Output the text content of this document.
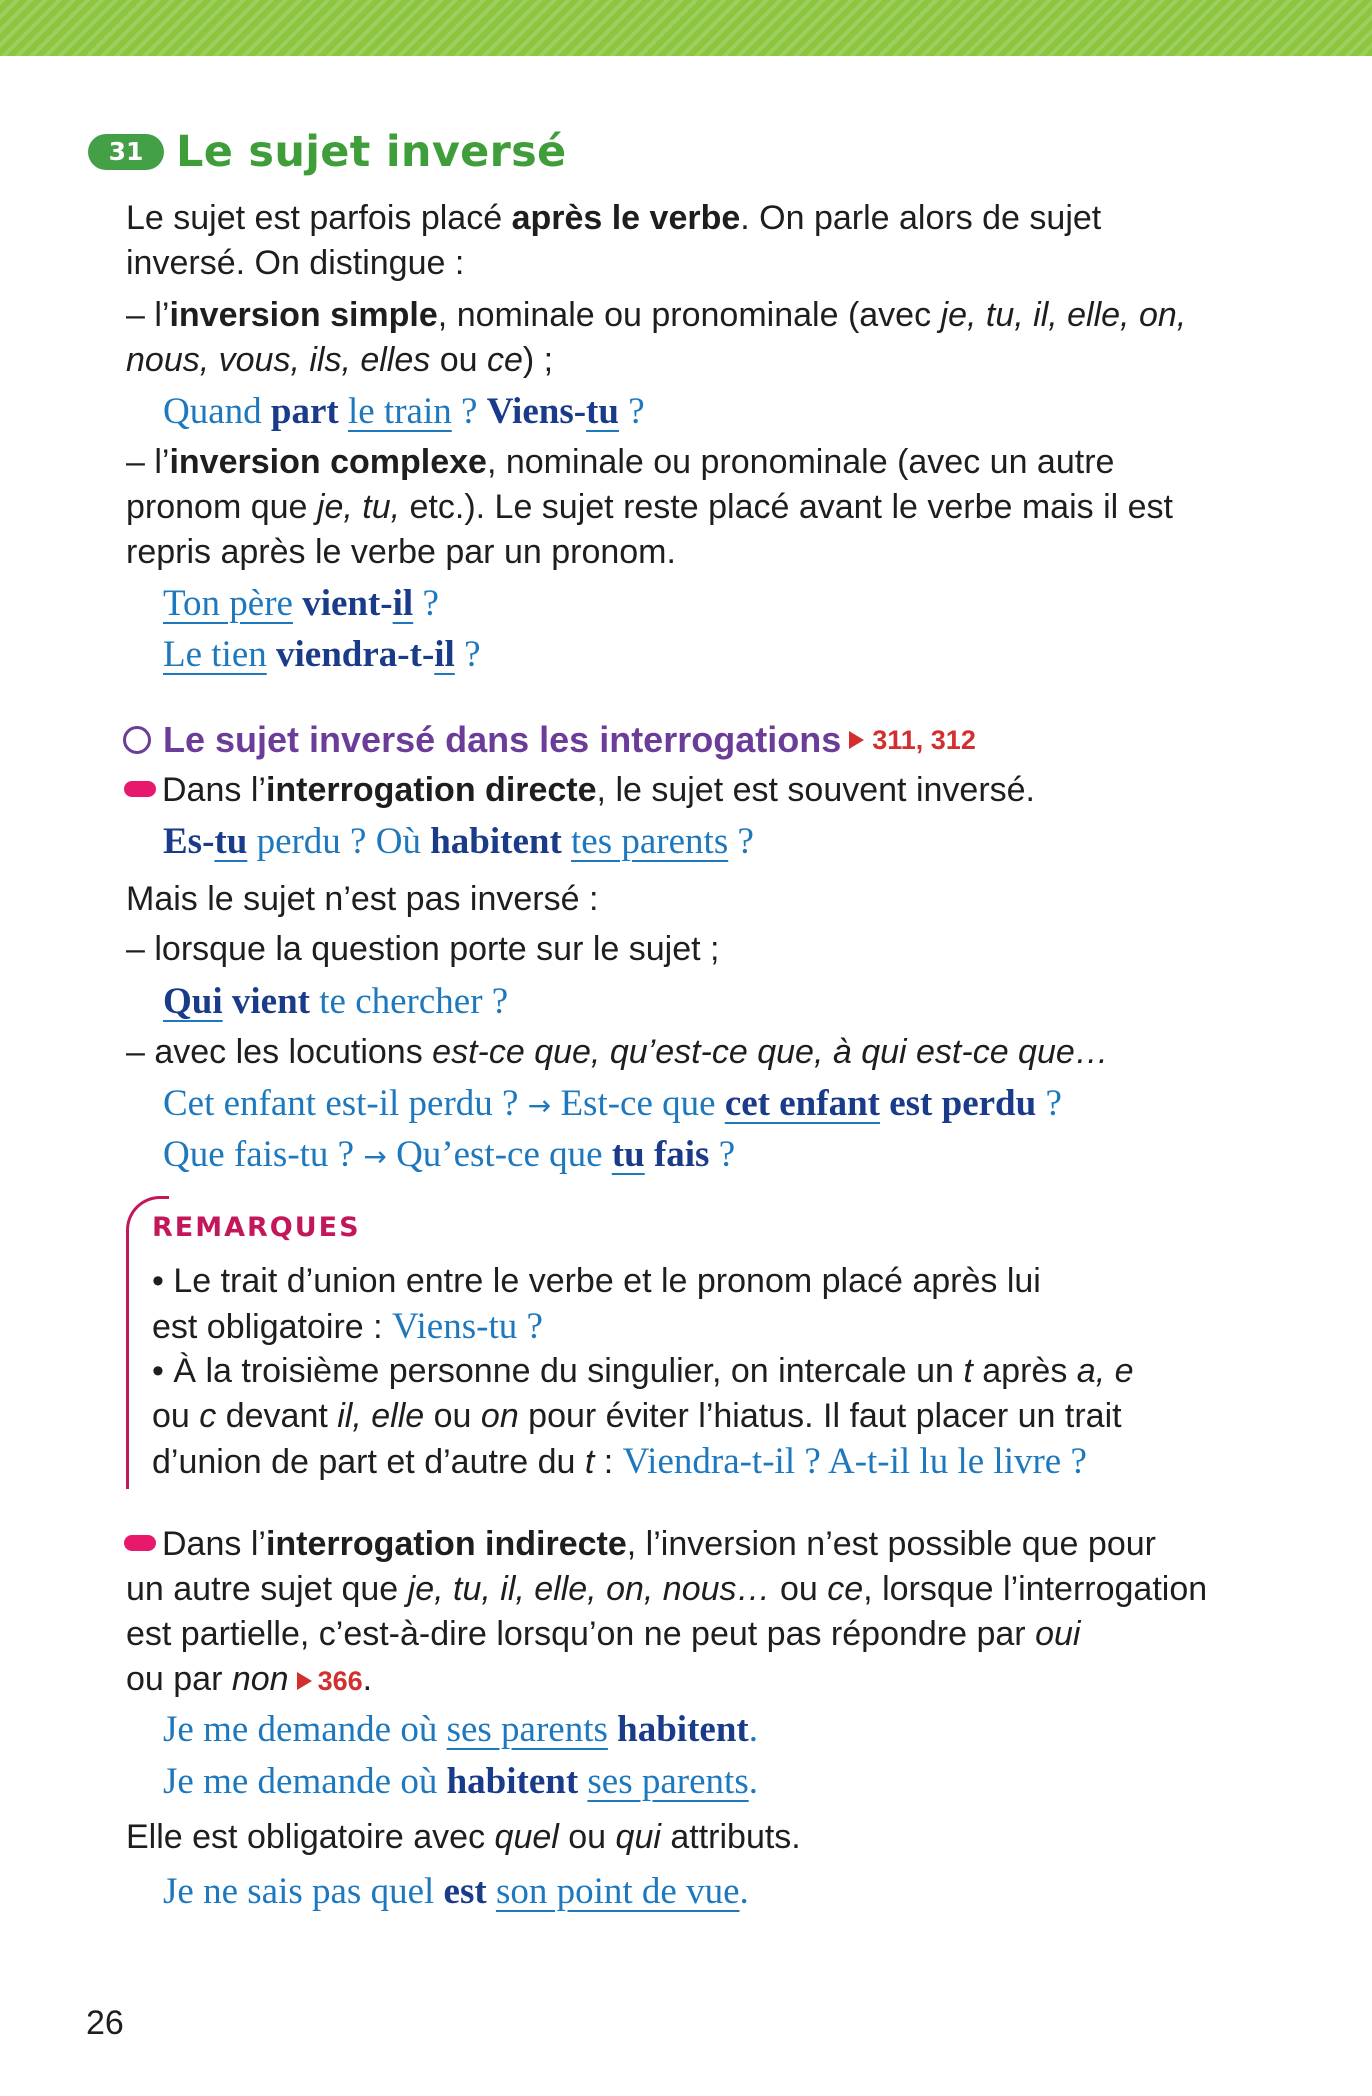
31 Le sujet inversé

Le sujet est parfois placé après le verbe. On parle alors de sujet

inversé. On distingue :

– l’inversion simple, nominale ou pronominale (avec je, tu, il, elle, on,

nous, vous, ils, elles ou ce) ;

Quand part le train ? Viens-tu ?

– l’inversion complexe, nominale ou pronominale (avec un autre

pronom que je, tu, etc.). Le sujet reste placé avant le verbe mais il est

repris après le verbe par un pronom.

Ton père vient-il ?

Le tien viendra-t-il ?

Le sujet inversé dans les interrogations 311, 312

Dans l’interrogation directe, le sujet est souvent inversé.

Es-tu perdu ? Où habitent tes parents ?

Mais le sujet n’est pas inversé :

– lorsque la question porte sur le sujet ;

Qui vient te chercher ?

– avec les locutions est-ce que, qu’est-ce que, à qui est-ce que…

Cet enfant est-il perdu ? → Est-ce que cet enfant est perdu ?

Que fais-tu ? → Qu’est-ce que tu fais ?

REMARQUES

• Le trait d’union entre le verbe et le pronom placé après lui

est obligatoire : Viens-tu ?

• À la troisième personne du singulier, on intercale un t après a, e

ou c devant il, elle ou on pour éviter l’hiatus. Il faut placer un trait

d’union de part et d’autre du t : Viendra-t-il ? A-t-il lu le livre ?

Dans l’interrogation indirecte, l’inversion n’est possible que pour

un autre sujet que je, tu, il, elle, on, nous… ou ce, lorsque l’interrogation

est partielle, c’est-à-dire lorsqu’on ne peut pas répondre par oui

ou par non 366.

Je me demande où ses parents habitent.

Je me demande où habitent ses parents.

Elle est obligatoire avec quel ou qui attributs.

Je ne sais pas quel est son point de vue.

26
